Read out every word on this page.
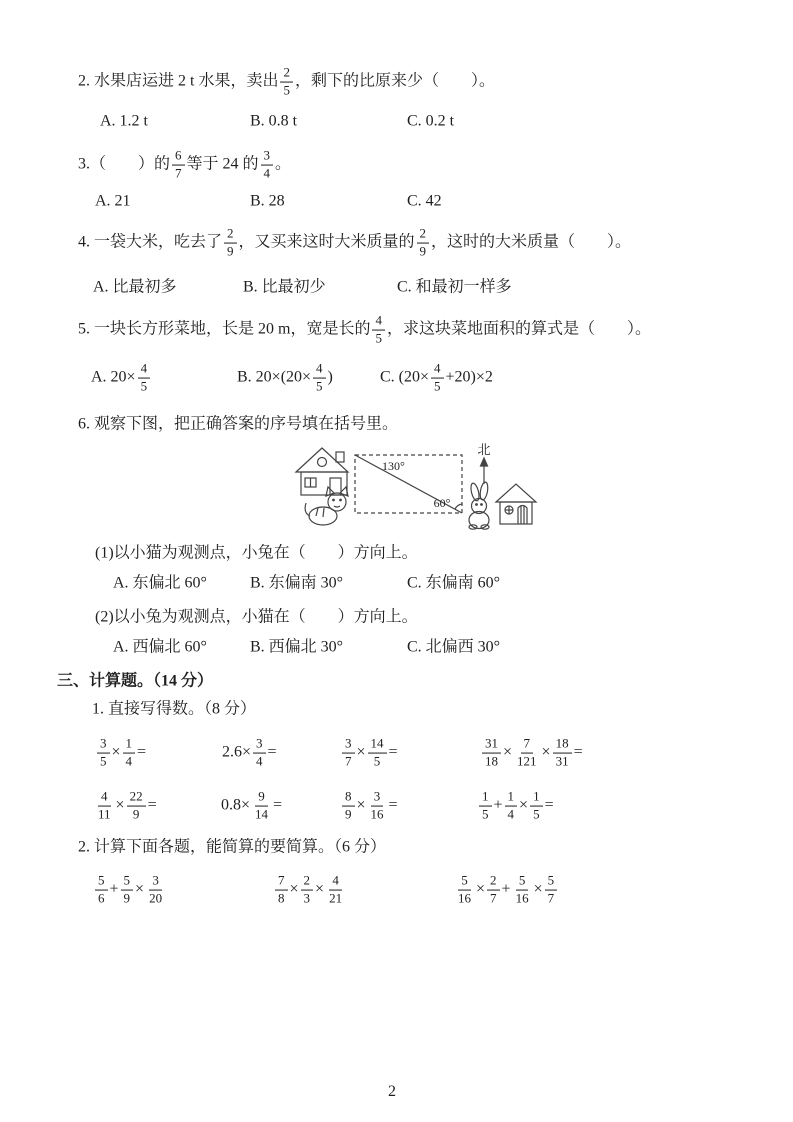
2. 水果店运进 2 t 水果，卖出 $\frac{2}{5}$ ，剩下的比原来少（　　）。
A. 1.2 t	B. 0.8 t	C. 0.2 t
3.（　　）的 $\frac{6}{7}$ 等于 24 的 $\frac{3}{4}$ 。
A. 21	B. 28	C. 42
4. 一袋大米，吃去了 $\frac{2}{9}$ ，又买来这时大米质量的 $\frac{2}{9}$ ，这时的大米质量（　　）。
A. 比最初多	B. 比最初少	C. 和最初一样多
5. 一块长方形菜地，长是 20 m，宽是长的 $\frac{4}{5}$ ，求这块菜地面积的算式是（　　）。
A. $20\times \frac{4}{5}$	B. $20\times(20\times \frac{4}{5}$ )	C. $(20\times \frac{4}{5} +20)\times 2$
6. 观察下图，把正确答案的序号填在括号里。
130°
60°
北
(1)以小猫为观测点，小兔在（　　）方向上。
A. 东偏北 60°	B. 东偏南 30°	C. 东偏南 60°
(2)以小兔为观测点，小猫在（　　）方向上。
A. 西偏北 60°	B. 西偏北 30°	C. 北偏西 30°
三、计算题。（14 分）
1. 直接写得数。（8 分）
$\frac{3}{5} \times \frac{1}{4}$ =	$2.6\times \frac{3}{4}$ =	$\frac{3}{7} \times \frac{14}{5}$ =	$\frac{31}{18} \times \frac{7}{121} \times \frac{18}{31}$ =
$\frac{4}{11} \times \frac{22}{9}$ =	$0.8\times \frac{9}{14}$ =	$\frac{8}{9} \times \frac{3}{16}$ =	$\frac{1}{5} + \frac{1}{4} \times \frac{1}{5}$ =
2. 计算下面各题，能简算的要简算。（6 分）
$\frac{5}{6} + \frac{5}{9} \times \frac{3}{20}$	$\frac{7}{8} \times \frac{2}{3} \times \frac{4}{21}$	$\frac{5}{16} \times \frac{2}{7} + \frac{5}{16} \times \frac{5}{7}$
2
